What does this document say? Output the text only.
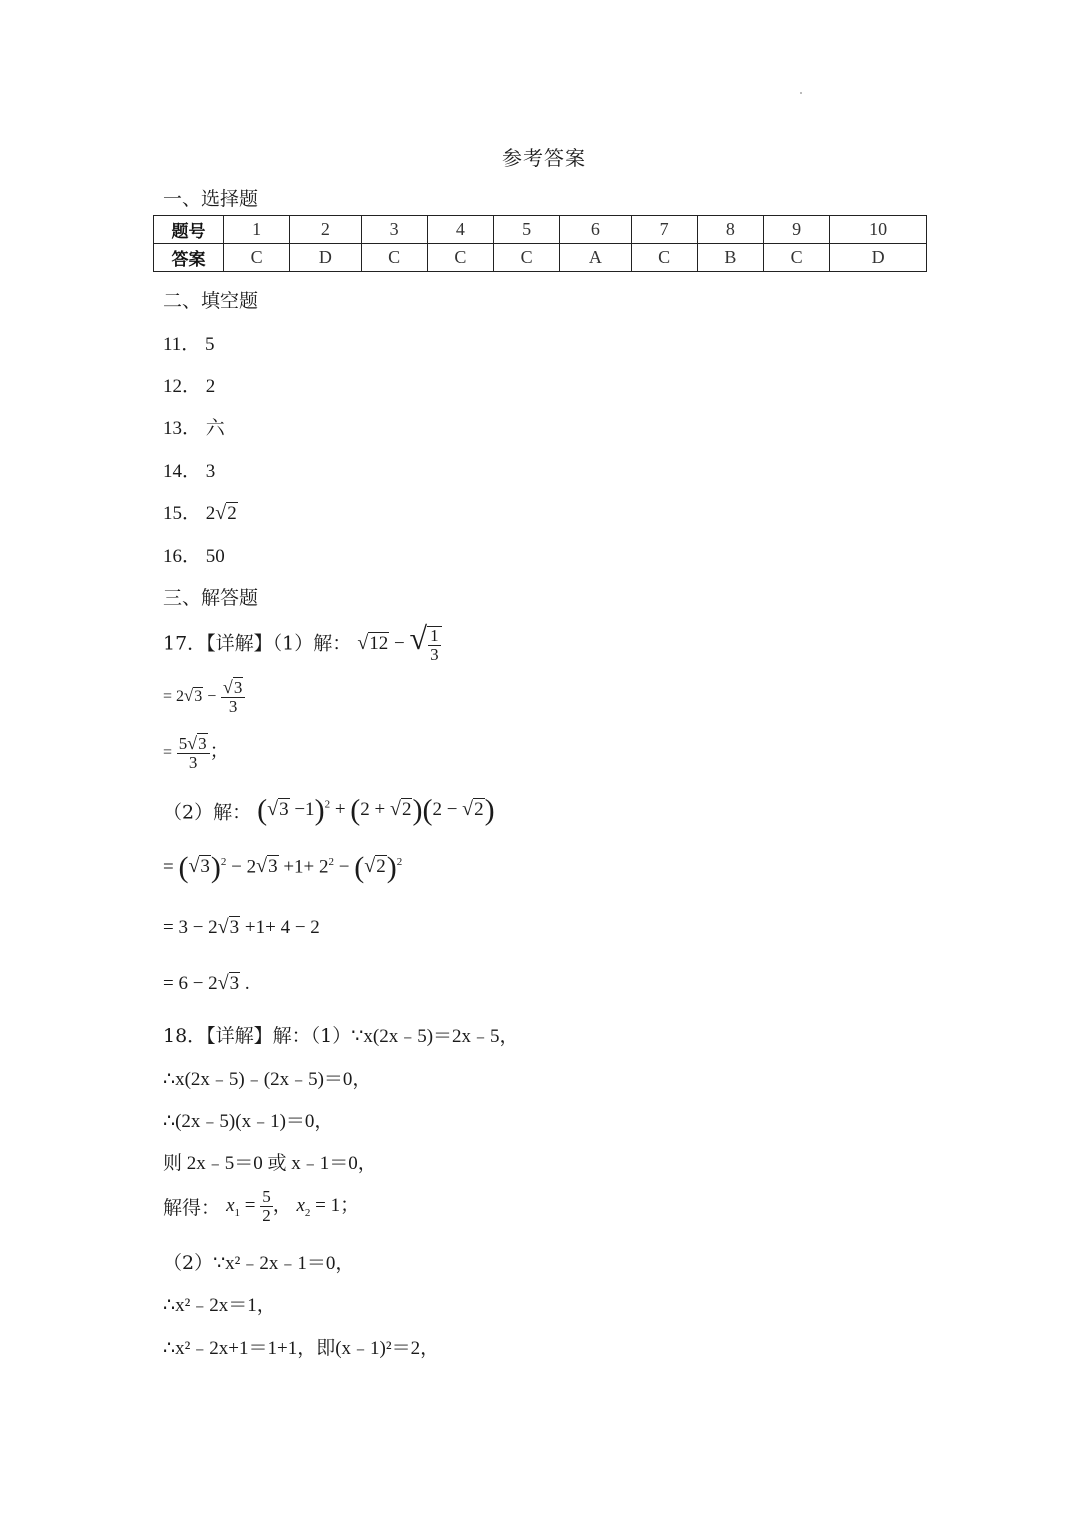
参考答案
一、选择题
题号	1	2	3	4	5	6	7	8	9	10
答案	C	D	C	C	C	A	C	B	C	D
二、填空题
11． 5
12． 2
13． 六
14． 3
15． 2√2
16． 50
三、解答题
17．【详解】（1）解： √12 − √ $\frac{1}{3}$
= $2√3 - \frac{√3}{3}$
= $\frac{5√3}{3}$ ；
（2）解： $(√3 -1)^2 + (2 + √2)(2 - √2)$
= $(√3)^2 - 2√3 +1+ 2^2 - (√2)^2$
= 3 − 2√3 +1+ 4 − 2
= 6 − 2√3 .
18．【详解】解：（1）∵x(2x﹣5)＝2x﹣5，
∴x(2x﹣5)﹣(2x﹣5)＝0，
∴(2x﹣5)(x﹣1)＝0，
则 2x﹣5＝0 或 x﹣1＝0，
解得： $x_1 = \frac{5}{2}$ ， $x_2 = 1$；
（2）∵x²﹣2x﹣1＝0，
∴x²﹣2x＝1，
∴x²﹣2x+1＝1+1，即(x﹣1)²＝2，
